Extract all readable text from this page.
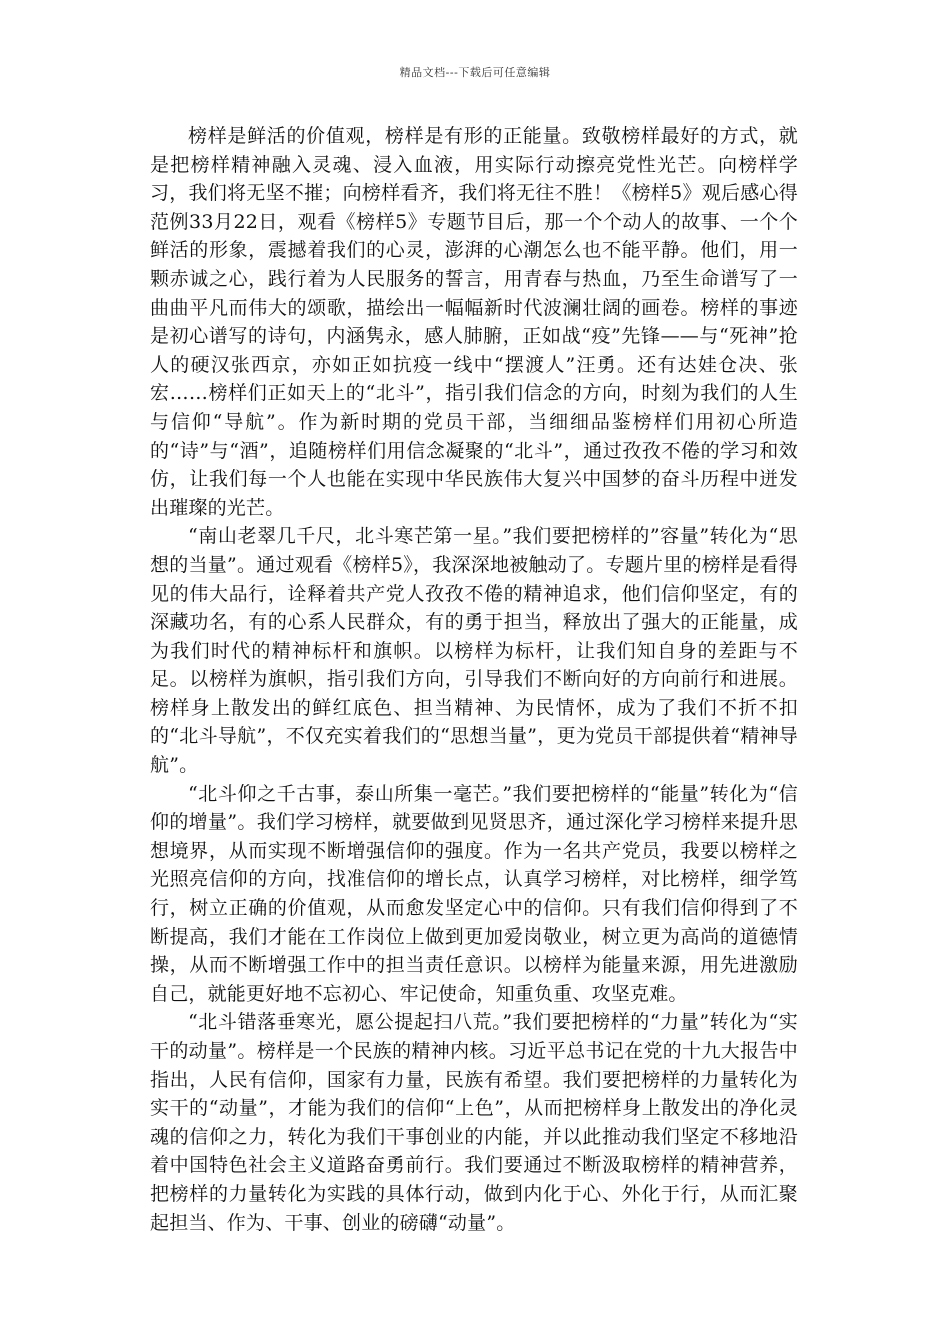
精品文档---下载后可任意编辑

榜样是鲜活的价值观，榜样是有形的正能量。致敬榜样最好的方式，就是把榜样精神融入灵魂、浸入血液，用实际行动擦亮党性光芒。向榜样学习，我们将无坚不摧；向榜样看齐，我们将无往不胜！《榜样5》观后感心得范例33月22日，观看《榜样5》专题节目后，那一个个动人的故事、一个个鲜活的形象，震撼着我们的心灵，澎湃的心潮怎么也不能平静。他们，用一颗赤诚之心，践行着为人民服务的誓言，用青春与热血，乃至生命谱写了一曲曲平凡而伟大的颂歌，描绘出一幅幅新时代波澜壮阔的画卷。榜样的事迹是初心谱写的诗句，内涵隽永，感人肺腑，正如战“疫”先锋——与“死神”抢人的硬汉张西京，亦如正如抗疫一线中“摆渡人”汪勇。还有达娃仓决、张宏……榜样们正如天上的“北斗”，指引我们信念的方向，时刻为我们的人生与信仰“导航”。作为新时期的党员干部，当细细品鉴榜样们用初心所造的“诗”与“酒”，追随榜样们用信念凝聚的“北斗”，通过孜孜不倦的学习和效仿，让我们每一个人也能在实现中华民族伟大复兴中国梦的奋斗历程中迸发出璀璨的光芒。

“南山老翠几千尺，北斗寒芒第一星。”我们要把榜样的”容量”转化为“思想的当量”。通过观看《榜样5》，我深深地被触动了。专题片里的榜样是看得见的伟大品行，诠释着共产党人孜孜不倦的精神追求，他们信仰坚定，有的深藏功名，有的心系人民群众，有的勇于担当，释放出了强大的正能量，成为我们时代的精神标杆和旗帜。以榜样为标杆，让我们知自身的差距与不足。以榜样为旗帜，指引我们方向，引导我们不断向好的方向前行和进展。榜样身上散发出的鲜红底色、担当精神、为民情怀，成为了我们不折不扣的“北斗导航”，不仅充实着我们的“思想当量”，更为党员干部提供着“精神导航”。

“北斗仰之千古事，泰山所集一毫芒。”我们要把榜样的“能量”转化为“信仰的增量”。我们学习榜样，就要做到见贤思齐，通过深化学习榜样来提升思想境界，从而实现不断增强信仰的强度。作为一名共产党员，我要以榜样之光照亮信仰的方向，找准信仰的增长点，认真学习榜样，对比榜样，细学笃行，树立正确的价值观，从而愈发坚定心中的信仰。只有我们信仰得到了不断提高，我们才能在工作岗位上做到更加爱岗敬业，树立更为高尚的道德情操，从而不断增强工作中的担当责任意识。以榜样为能量来源，用先进激励自己，就能更好地不忘初心、牢记使命，知重负重、攻坚克难。

“北斗错落垂寒光，愿公提起扫八荒。”我们要把榜样的“力量”转化为“实干的动量”。榜样是一个民族的精神内核。习近平总书记在党的十九大报告中指出，人民有信仰，国家有力量，民族有希望。我们要把榜样的力量转化为实干的“动量”，才能为我们的信仰“上色”，从而把榜样身上散发出的净化灵魂的信仰之力，转化为我们干事创业的内能，并以此推动我们坚定不移地沿着中国特色社会主义道路奋勇前行。我们要通过不断汲取榜样的精神营养，把榜样的力量转化为实践的具体行动，做到内化于心、外化于行，从而汇聚起担当、作为、干事、创业的磅礴“动量”。
